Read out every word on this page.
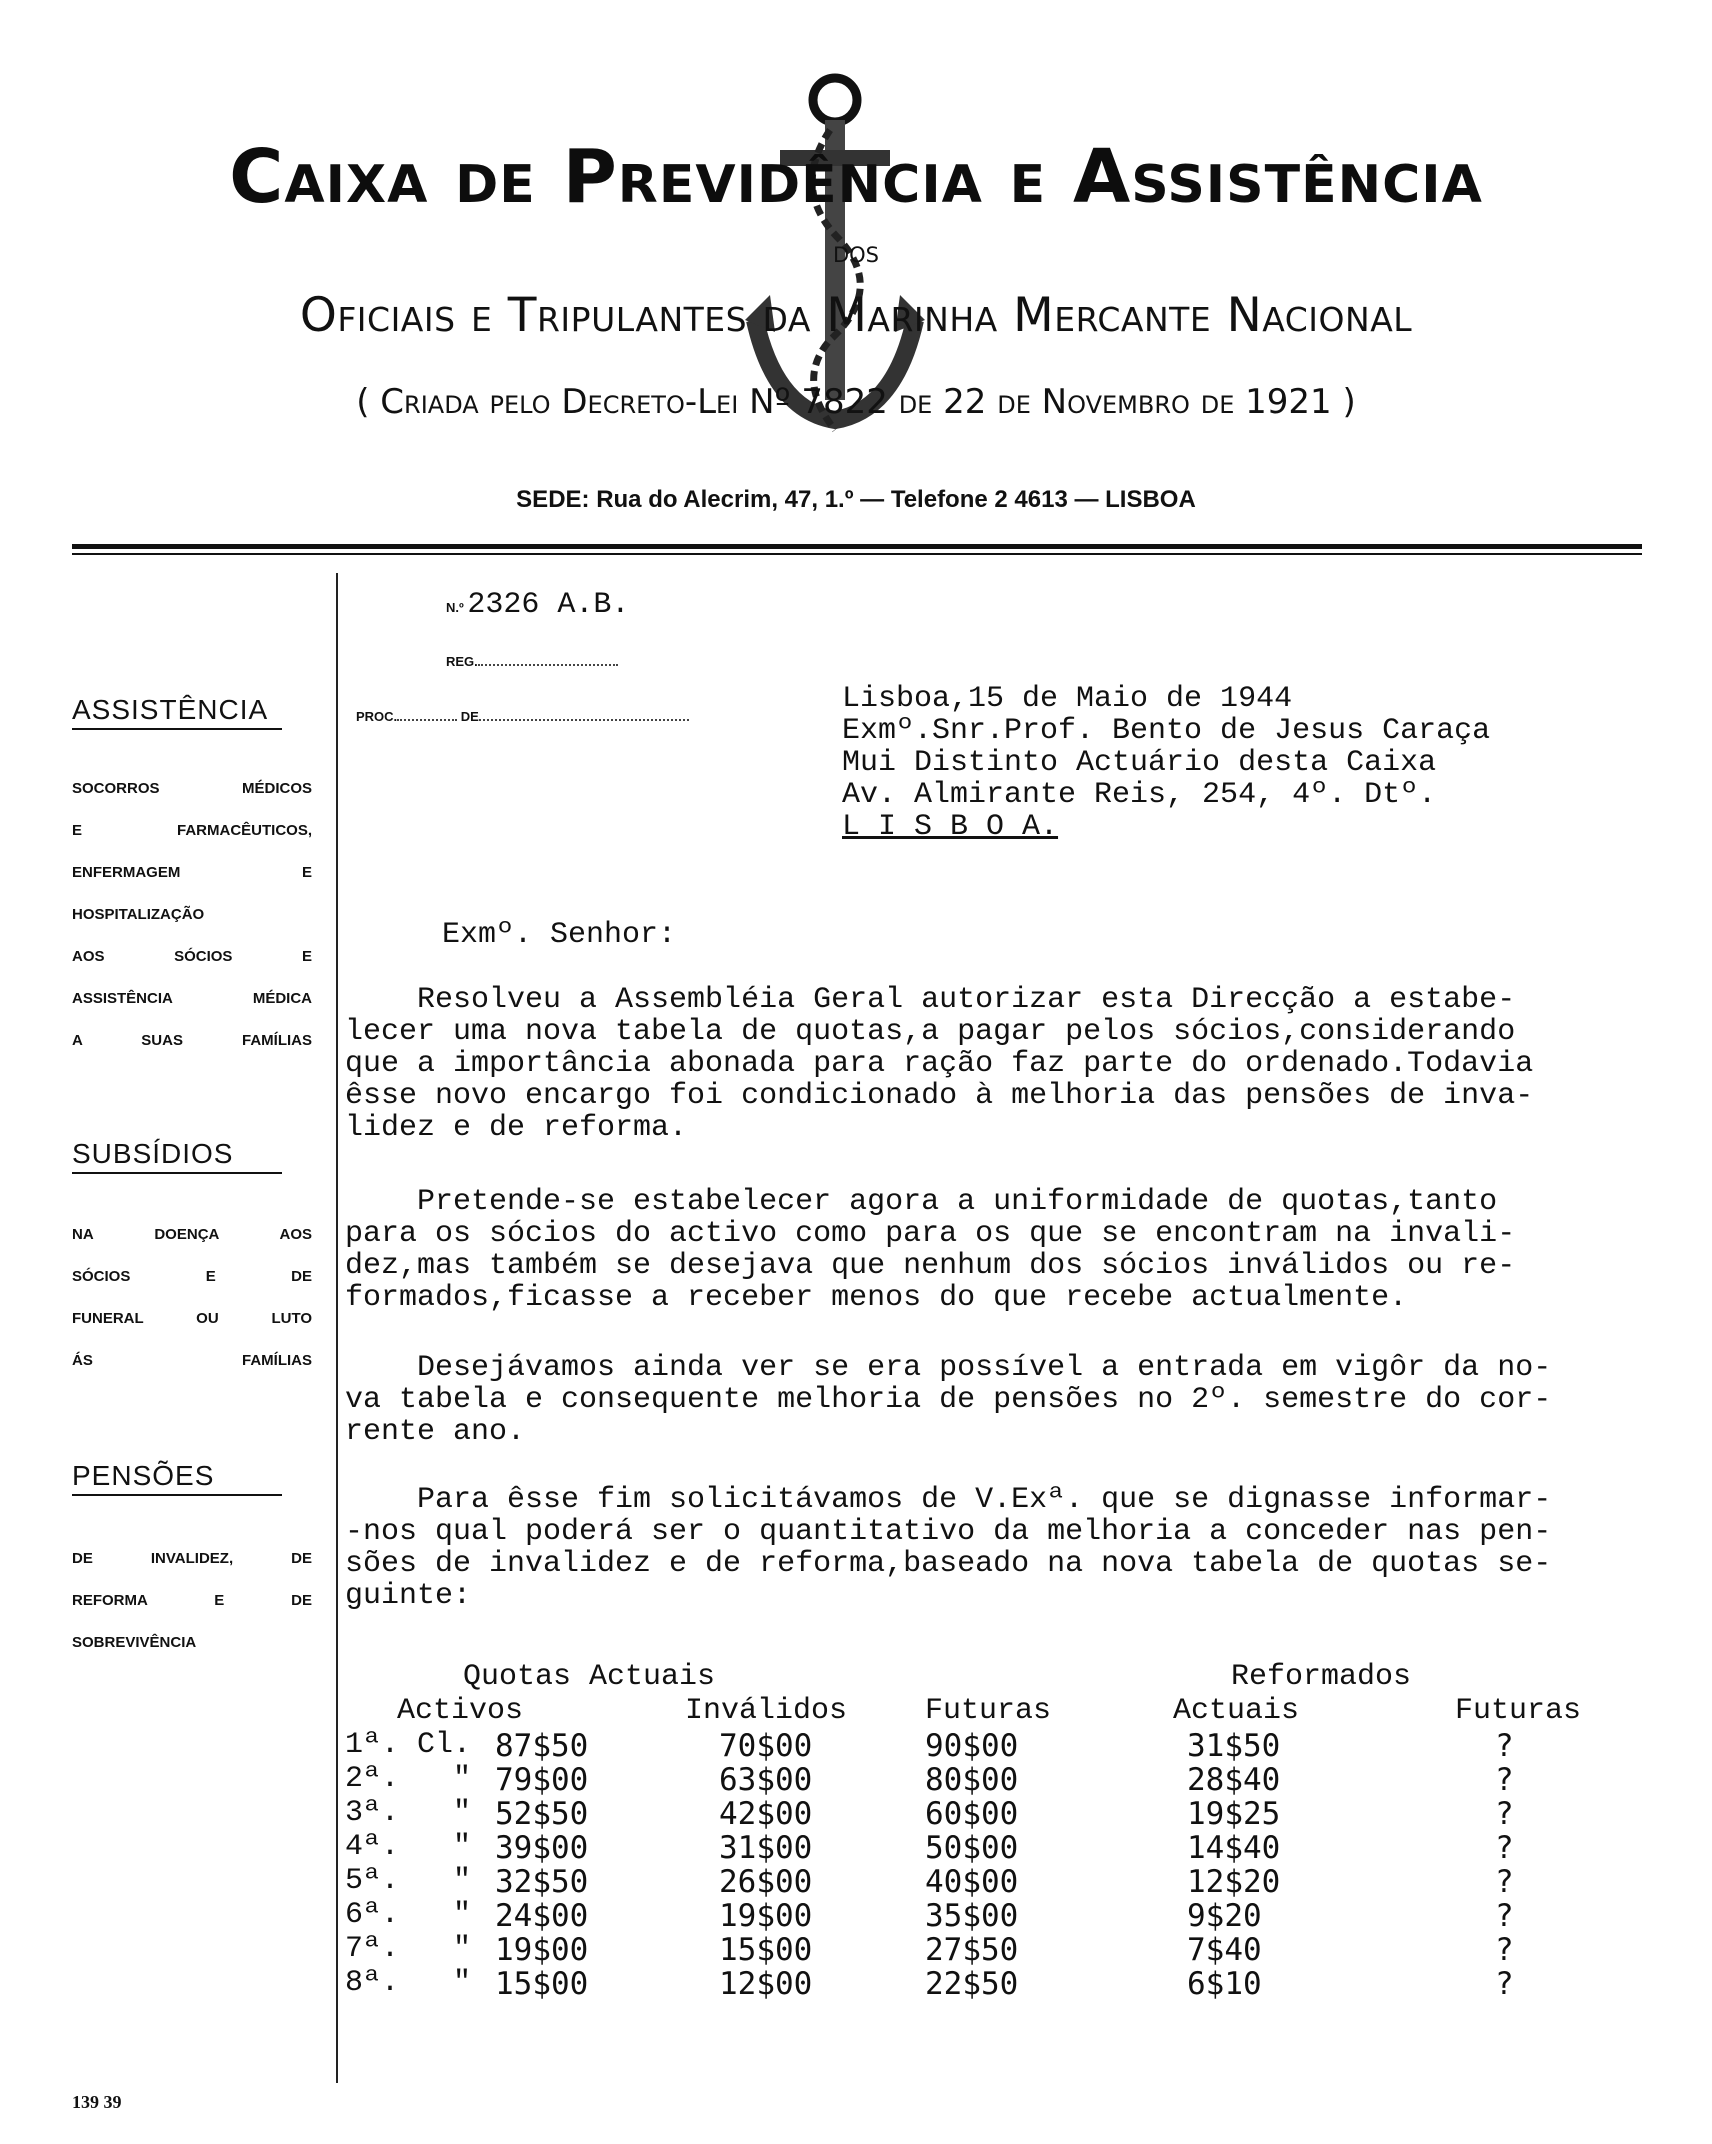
Caixa de Previdência e Assistência
dos
Oficiais e Tripulantes da Marinha Mercante Nacional
( Criada pelo Decreto-Lei Nº 7822 de 22 de Novembro de 1921 )
SEDE: Rua do Alecrim, 47, 1.º — Telefone 2 4613 — LISBOA
ASSISTÊNCIA
SOCORROS MÉDICOS
E FARMACÊUTICOS,
ENFERMAGEM E
HOSPITALIZAÇÃO
AOS SÓCIOS E
ASSISTÊNCIA MÉDICA
A SUAS FAMÍLIAS
SUBSÍDIOS
NA DOENÇA AOS
SÓCIOS E DE
FUNERAL OU LUTO
ÁS FAMÍLIAS
PENSÕES
DE INVALIDEZ, DE
REFORMA E DE
SOBREVIVÊNCIA
N.º 2326 A.B.
REG.
PROC.	DE
Lisboa,15 de Maio de 1944
Exmº.Snr.Prof. Bento de Jesus Caraça
Mui Distinto Actuário desta Caixa
Av. Almirante Reis, 254, 4º. Dtº.
L I S B O A.
Exmº. Senhor:

Resolveu a Assembléia Geral autorizar esta Direcção a estabe-
lecer uma nova tabela de quotas,a pagar pelos sócios,considerando
que a importância abonada para ração faz parte do ordenado.Todavia
êsse novo encargo foi condicionado à melhoria das pensões de inva-
lidez e de reforma.

Pretende-se estabelecer agora a uniformidade de quotas,tanto
para os sócios do activo como para os que se encontram na invali-
dez,mas também se desejava que nenhum dos sócios inválidos ou re-
formados,ficasse a receber menos do que recebe actualmente.

Desejávamos ainda ver se era possível a entrada em vigôr da no-
va tabela e consequente melhoria de pensões no 2º. semestre do cor-
rente ano.

Para êsse fim solicitávamos de V.Exª. que se dignasse informar-
-nos qual poderá ser o quantitativo da melhoria a conceder nas pen-
sões de invalidez e de reforma,baseado na nova tabela de quotas se-
guinte:

Quotas Actuais	Reformados
Activos	Inválidos	Futuras	Actuais	Futuras
1ª. Cl. 87$50	70$00	90$00	31$50	?
2ª.   " 79$00	63$00	80$00	28$40	?
3ª.   " 52$50	42$00	60$00	19$25	?
4ª.   " 39$00	31$00	50$00	14$40	?
5ª.   " 32$50	26$00	40$00	12$20	?
6ª.   " 24$00	19$00	35$00	9$20	?
7ª.   " 19$00	15$00	27$50	7$40	?
8ª.   " 15$00	12$00	22$50	6$10	?
139 39
